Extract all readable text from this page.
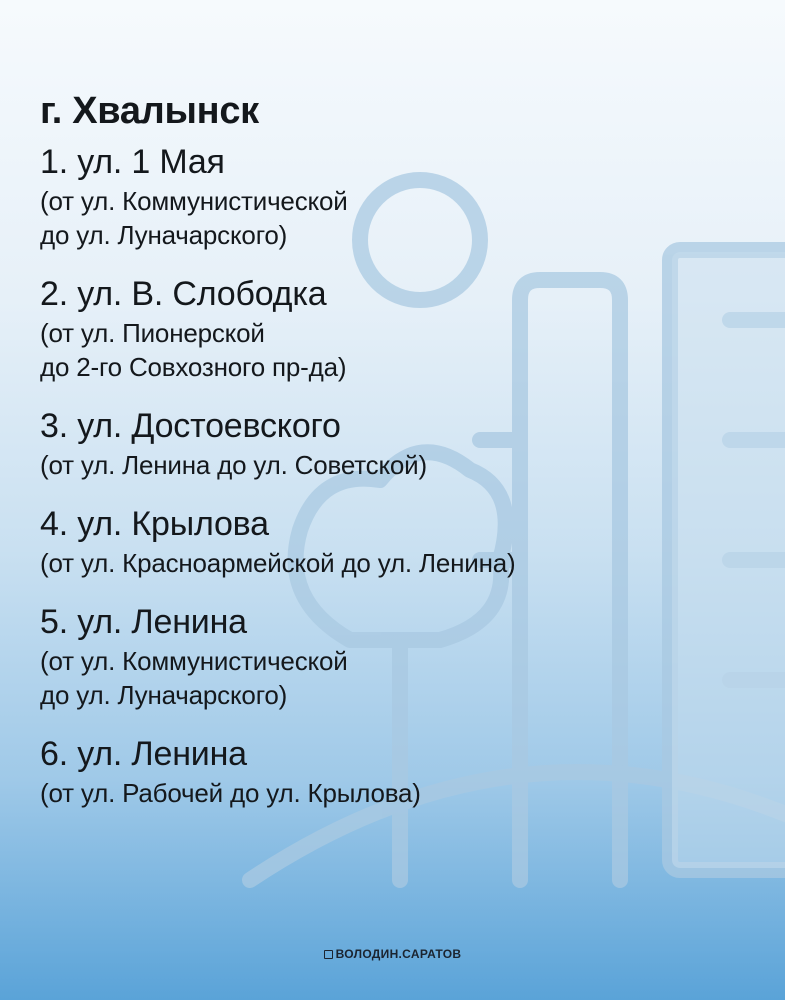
г. Хвалынск
1. ул. 1 Мая
(от ул. Коммунистической
до ул. Луначарского)
2. ул. В. Слободка
(от ул. Пионерской
до 2-го Совхозного пр-да)
3. ул. Достоевского
(от ул. Ленина до ул. Советской)
4. ул. Крылова
(от ул. Красноармейской до ул. Ленина)
5. ул. Ленина
(от ул. Коммунистической
до ул. Луначарского)
6. ул. Ленина
(от ул. Рабочей до ул. Крылова)
ВОЛОДИН.САРАТОВ
